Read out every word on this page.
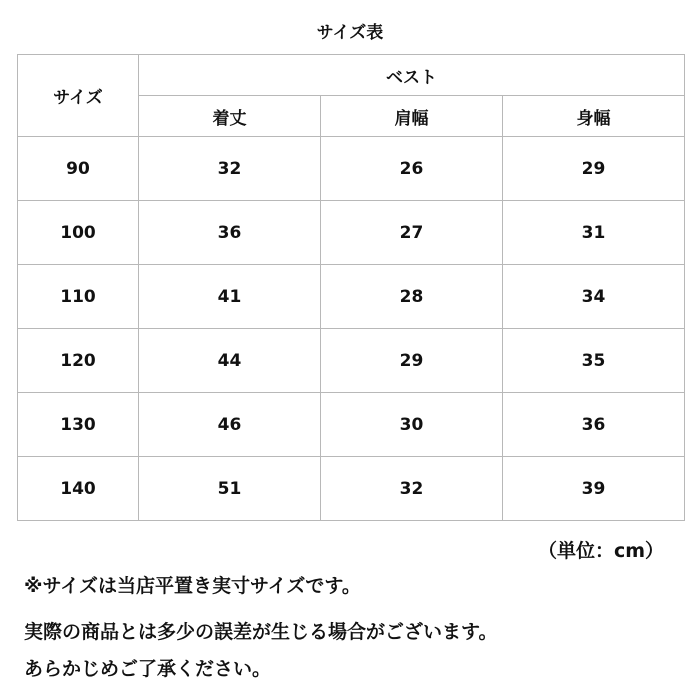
サイズ表
サイズ	ベスト		
	着丈	肩幅	身幅
90	32	26	29
100	36	27	31
110	41	28	34
120	44	29	35
130	46	30	36
140	51	32	39
（単位：cm）
※サイズは当店平置き実寸サイズです。
実際の商品とは多少の誤差が生じる場合がございます。
あらかじめご了承ください。
